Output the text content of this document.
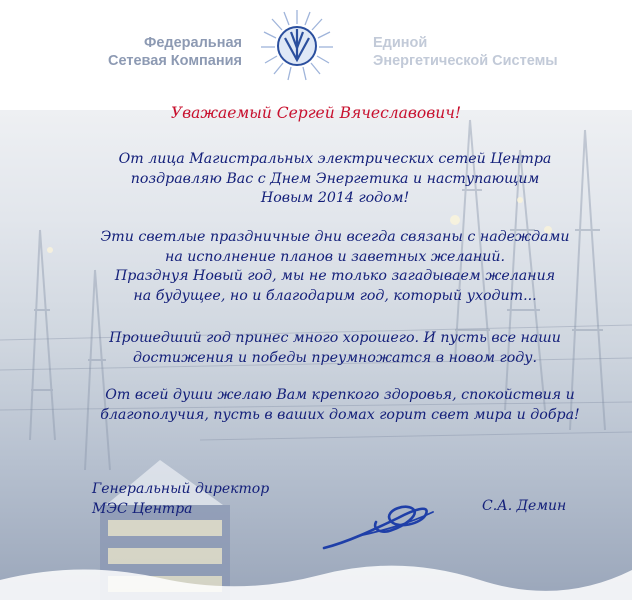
Федеральная
Сетевая Компания
Единой
Энергетической Системы
Уважаемый Сергей Вячеславович!
От лица Магистральных электрических сетей Центра
поздравляю Вас с Днем Энергетика и наступающим
Новым 2014 годом!
Эти светлые праздничные дни всегда связаны с надеждами
на исполнение планов и заветных желаний.
Празднуя Новый год, мы не только загадываем желания
на будущее, но и благодарим год, который уходит...
Прошедший год принес много хорошего. И пусть все наши
достижения и победы преумножатся в новом году.
От всей души желаю Вам крепкого здоровья, спокойствия и
благополучия, пусть в ваших домах горит свет мира и добра!
Генеральный директор
МЭС Центра	С.А. Демин
